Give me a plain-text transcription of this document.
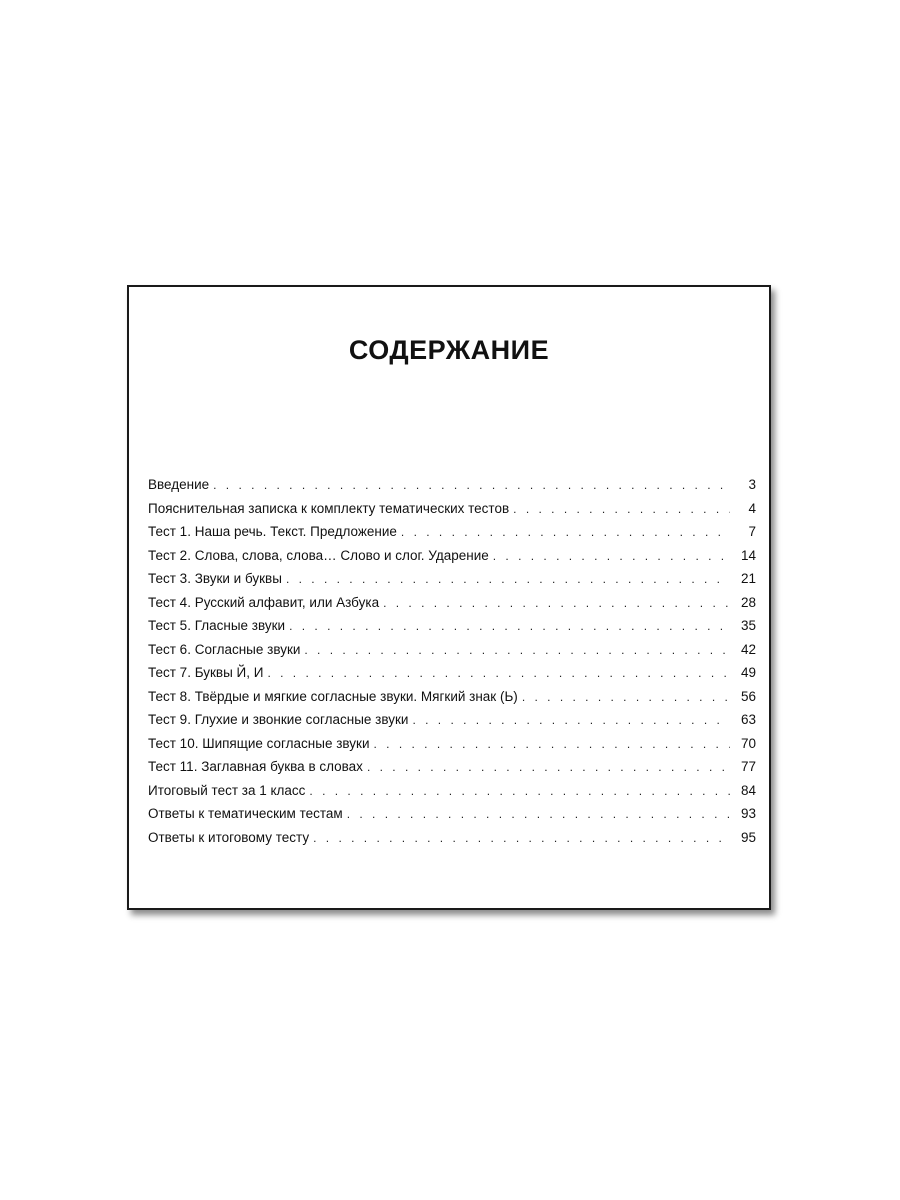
СОДЕРЖАНИЕ
Введение . . .	3
Пояснительная записка к комплекту тематических тестов . . .	4
Тест 1. Наша речь. Текст. Предложение . . .	7
Тест 2. Слова, слова, слова… Слово и слог. Ударение . . .	14
Тест 3. Звуки и буквы . . .	21
Тест 4. Русский алфавит, или Азбука . . .	28
Тест 5. Гласные звуки . . .	35
Тест 6. Согласные звуки . . .	42
Тест 7. Буквы Й, И . . .	49
Тест 8. Твёрдые и мягкие согласные звуки. Мягкий знак (Ь) . . .	56
Тест 9. Глухие и звонкие согласные звуки . . .	63
Тест 10. Шипящие согласные звуки . . .	70
Тест 11. Заглавная буква в словах . . .	77
Итоговый тест за 1 класс . . .	84
Ответы к тематическим тестам . . .	93
Ответы к итоговому тесту . . .	95
